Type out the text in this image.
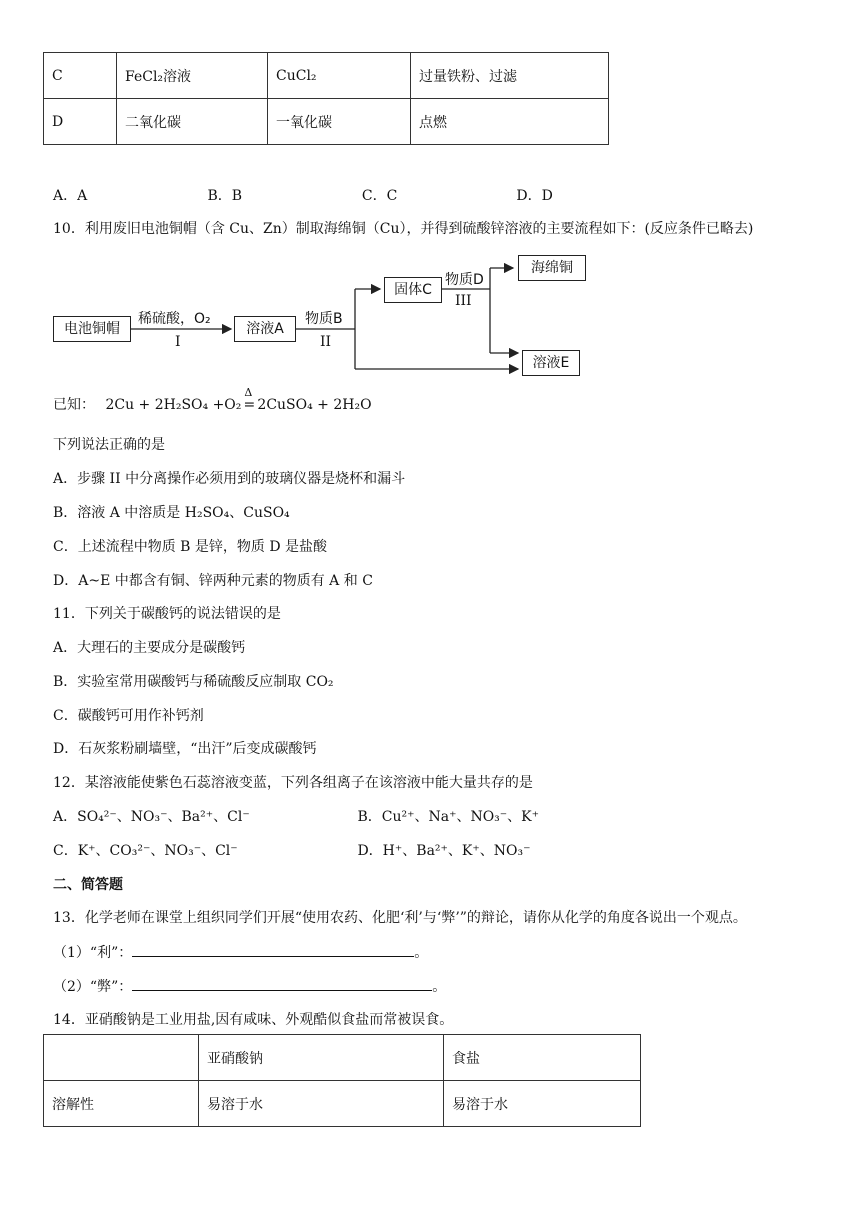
C	FeCl₂溶液	CuCl₂	过量铁粉、过滤
D	二氧化碳	一氧化碳	点燃
A．A	B．B	C．C	D．D
10．利用废旧电池铜帽（含 Cu、Zn）制取海绵铜（Cu），并得到硫酸锌溶液的主要流程如下：(反应条件已略去)
电池铜帽	溶液A
固体C
海绵铜
溶液E
稀硫酸，O₂
I
物质B
II
物质D
III
已知： 2Cu + 2H₂SO₄ +O₂
Δ
= 2CuSO₄ + 2H₂O
下列说法正确的是
A．步骤 II 中分离操作必须用到的玻璃仪器是烧杯和漏斗
B．溶液 A 中溶质是 H₂SO₄、CuSO₄
C．上述流程中物质 B 是锌，物质 D 是盐酸
D．A~E 中都含有铜、锌两种元素的物质有 A 和 C
11．下列关于碳酸钙的说法错误的是
A．大理石的主要成分是碳酸钙
B．实验室常用碳酸钙与稀硫酸反应制取 CO₂
C．碳酸钙可用作补钙剂
D．石灰浆粉刷墙壁，“出汗”后变成碳酸钙
12．某溶液能使紫色石蕊溶液变蓝，下列各组离子在该溶液中能大量共存的是
A．SO₄²⁻、NO₃⁻、Ba²⁺、Cl⁻	B．Cu²⁺、Na⁺、NO₃⁻、K⁺
C．K⁺、CO₃²⁻、NO₃⁻、Cl⁻	D．H⁺、Ba²⁺、K⁺、NO₃⁻
二、简答题
13．化学老师在课堂上组织同学们开展“使用农药、化肥‘利’与‘弊’”的辩论，请你从化学的角度各说出一个观点。
（1）“利”：	。
（2）“弊”：	。
14．亚硝酸钠是工业用盐,因有咸味、外观酷似食盐而常被误食。
	亚硝酸钠	食盐
溶解性	易溶于水	易溶于水
